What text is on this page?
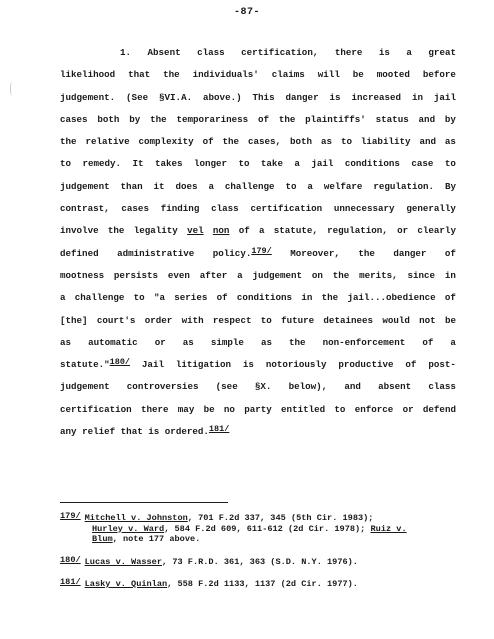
-87-
1. Absent class certification, there is a great
likelihood that the individuals' claims will be mooted before
judgement. (See §VI.A. above.) This danger is increased in jail
cases both by the temporariness of the plaintiffs' status and by
the relative complexity of the cases, both as to liability and as
to remedy. It takes longer to take a jail conditions case to
judgement than it does a challenge to a welfare regulation. By
contrast, cases finding class certification unnecessary generally
involve the legality vel non of a statute, regulation, or clearly
defined administrative policy.179/ Moreover, the danger of
mootness persists even after a judgement on the merits, since in
a challenge to "a series of conditions in the jail...obedience of
[the] court's order with respect to future detainees would not be
as automatic or as simple as the non-enforcement of a
statute."180/ Jail litigation is notoriously productive of post-
judgement controversies (see §X. below), and absent class
certification there may be no party entitled to enforce or defend
any
relief
that
is
ordered.181/
179/ Mitchell v. Johnston, 701 F.2d 337, 345 (5th Cir. 1983);
Hurley v. Ward, 584 F.2d 609, 611-612 (2d Cir. 1978); Ruiz v.
Blum, note 177 above.
180/ Lucas v. Wasser, 73 F.R.D. 361, 363 (S.D. N.Y. 1976).
181/ Lasky v. Quinlan, 558 F.2d 1133, 1137 (2d Cir. 1977).
